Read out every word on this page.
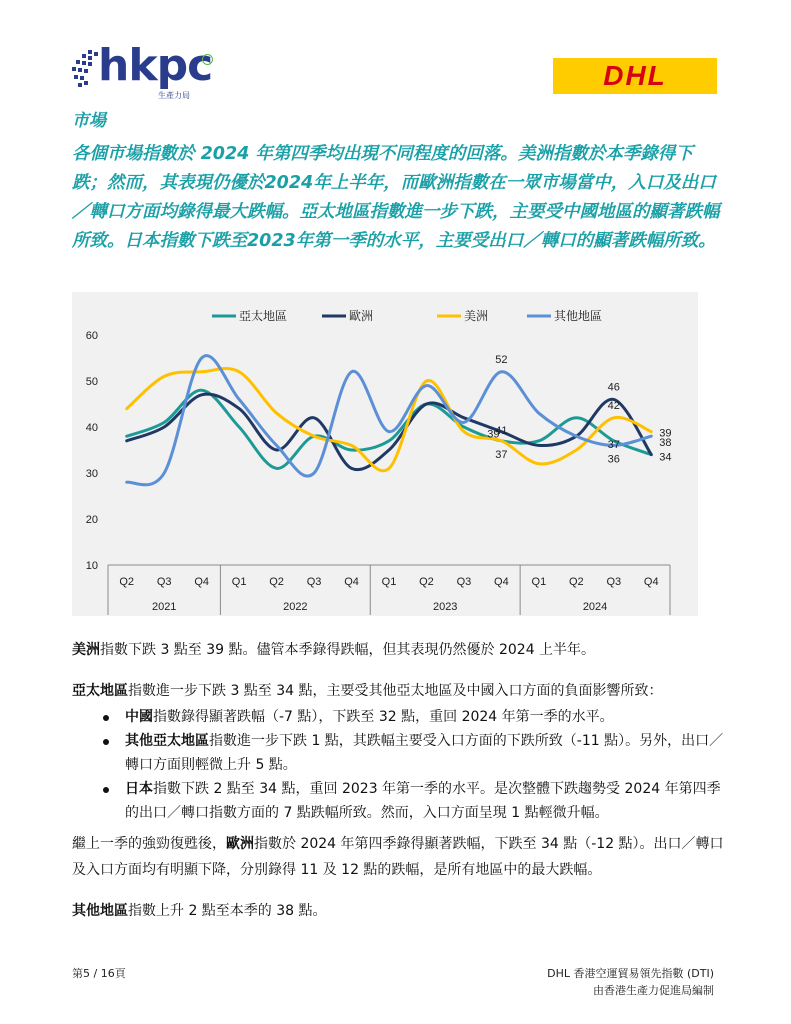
hkpc
生產力局
DHL
市場
各個市場指數於 2024 年第四季均出現不同程度的回落。美洲指數於本季錄得下跌；然而，其表現仍優於2024年上半年，而歐洲指數在一眾市場當中，入口及出口／轉口方面均錄得最大跌幅。亞太地區指數進一步下跌，主要受中國地區的顯著跌幅所致。日本指數下跌至2023年第一季的水平，主要受出口／轉口的顯著跌幅所致。
10
20
30
40
50
60
2021	2022	2023	2024
Q2 Q3 Q4 Q1 Q2 Q3 Q4 Q1 Q2 Q3 Q4 Q1 Q2 Q3 Q4
亞太地區	歐洲	美洲	其他地區
52
41
39
37
46
42
37
36
39
38
34
美洲指數下跌 3 點至 39 點。儘管本季錄得跌幅，但其表現仍然優於 2024 上半年。
亞太地區指數進一步下跌 3 點至 34 點，主要受其他亞太地區及中國入口方面的負面影響所致：
中國指數錄得顯著跌幅（-7 點），下跌至 32 點，重回 2024 年第一季的水平。
其他亞太地區指數進一步下跌 1 點，其跌幅主要受入口方面的下跌所致（-11 點）。另外，出口／轉口方面則輕微上升 5 點。
日本指數下跌 2 點至 34 點，重回 2023 年第一季的水平。是次整體下跌趨勢受 2024 年第四季的出口／轉口指數方面的 7 點跌幅所致。然而，入口方面呈現 1 點輕微升幅。
繼上一季的強勁復甦後，歐洲指數於 2024 年第四季錄得顯著跌幅，下跌至 34 點（-12 點）。出口／轉口及入口方面均有明顯下降，分別錄得 11 及 12 點的跌幅，是所有地區中的最大跌幅。
其他地區指數上升 2 點至本季的 38 點。
第5 / 16頁	DHL 香港空運貿易領先指數 (DTI)
由香港生產力促進局編制
